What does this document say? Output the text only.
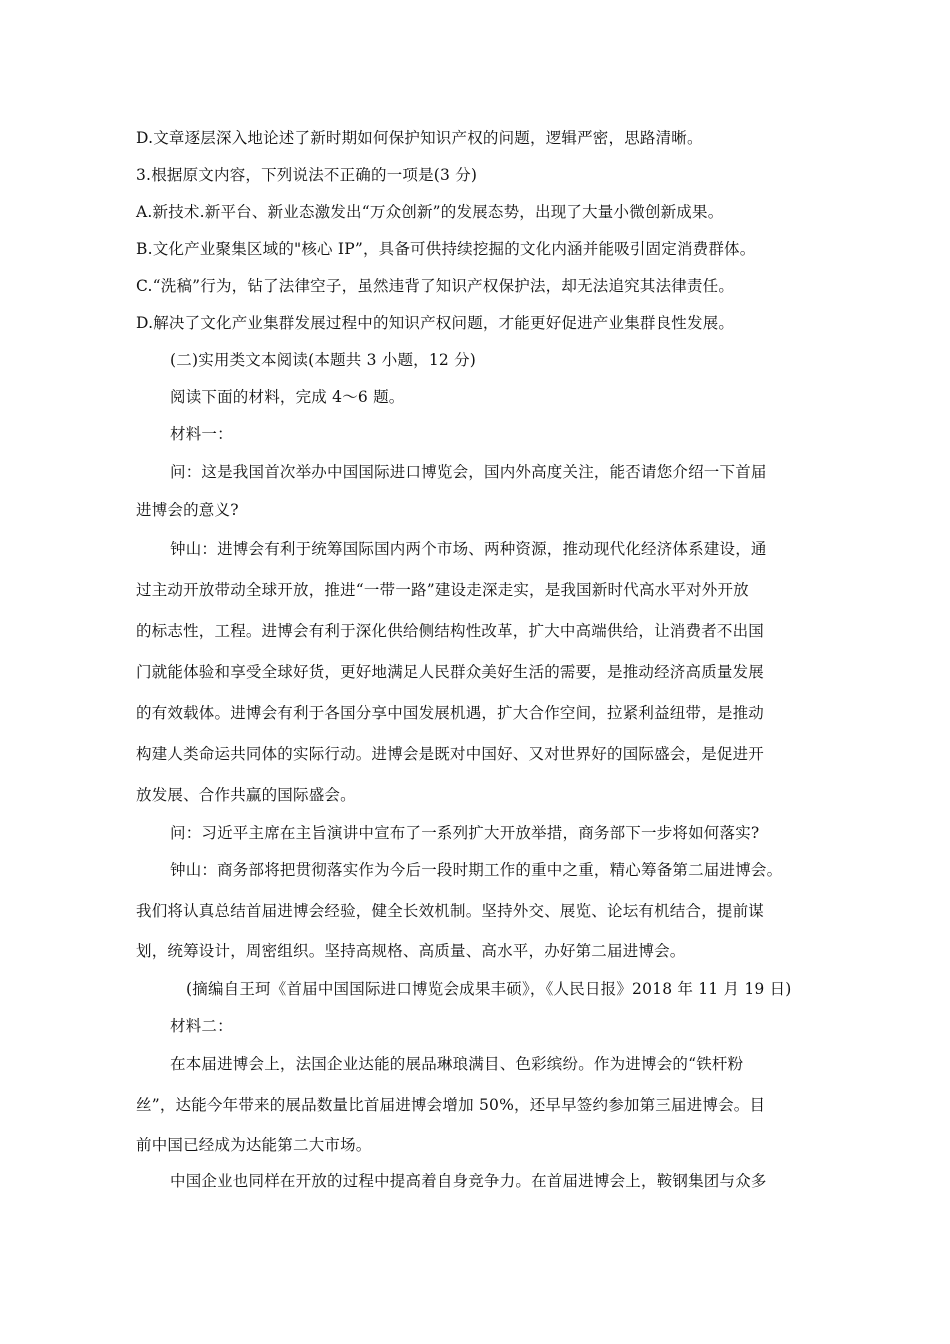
D.文章逐层深入地论述了新时期如何保护知识产权的问题，逻辑严密，思路清晰。
3.根据原文内容，下列说法不正确的一项是(3 分)
A.新技术.新平台、新业态激发出“万众创新”的发展态势，出现了大量小微创新成果。
B.文化产业聚集区域的"核心 IP”，具备可供持续挖掘的文化内涵并能吸引固定消费群体。
C.“洗稿”行为，钻了法律空子，虽然违背了知识产权保护法，却无法追究其法律责任。
D.解决了文化产业集群发展过程中的知识产权问题，才能更好促进产业集群良性发展。
(二)实用类文本阅读(本题共 3 小题，12 分)
阅读下面的材料，完成 4～6 题。
材料一：
问：这是我国首次举办中国国际进口博览会，国内外高度关注，能否请您介绍一下首届
进博会的意义?
钟山：进博会有利于统筹国际国内两个市场、两种资源，推动现代化经济体系建设，通
过主动开放带动全球开放，推进“一带一路”建设走深走实，是我国新时代高水平对外开放
的标志性，工程。进博会有利于深化供给侧结构性改革，扩大中高端供给，让消费者不出国
门就能体验和享受全球好货，更好地满足人民群众美好生活的需要，是推动经济高质量发展
的有效载体。进博会有利于各国分享中国发展机遇，扩大合作空间，拉紧利益纽带，是推动
构建人类命运共同体的实际行动。进博会是既对中国好、又对世界好的国际盛会，是促进开
放发展、合作共赢的国际盛会。
问：习近平主席在主旨演讲中宣布了一系列扩大开放举措，商务部下一步将如何落实?
钟山：商务部将把贯彻落实作为今后一段时期工作的重中之重，精心筹备第二届进博会。
我们将认真总结首届进博会经验，健全长效机制。坚持外交、展览、论坛有机结合，提前谋
划，统筹设计，周密组织。坚持高规格、高质量、高水平，办好第二届进博会。
(摘编自王珂《首届中国国际进口博览会成果丰硕》，《人民日报》2018 年 11 月 19 日)
材料二：
在本届进博会上，法国企业达能的展品琳琅满目、色彩缤纷。作为进博会的“铁杆粉
丝”，达能今年带来的展品数量比首届进博会增加 50%，还早早签约参加第三届进博会。目
前中国已经成为达能第二大市场。
中国企业也同样在开放的过程中提高着自身竞争力。在首届进博会上，鞍钢集团与众多
